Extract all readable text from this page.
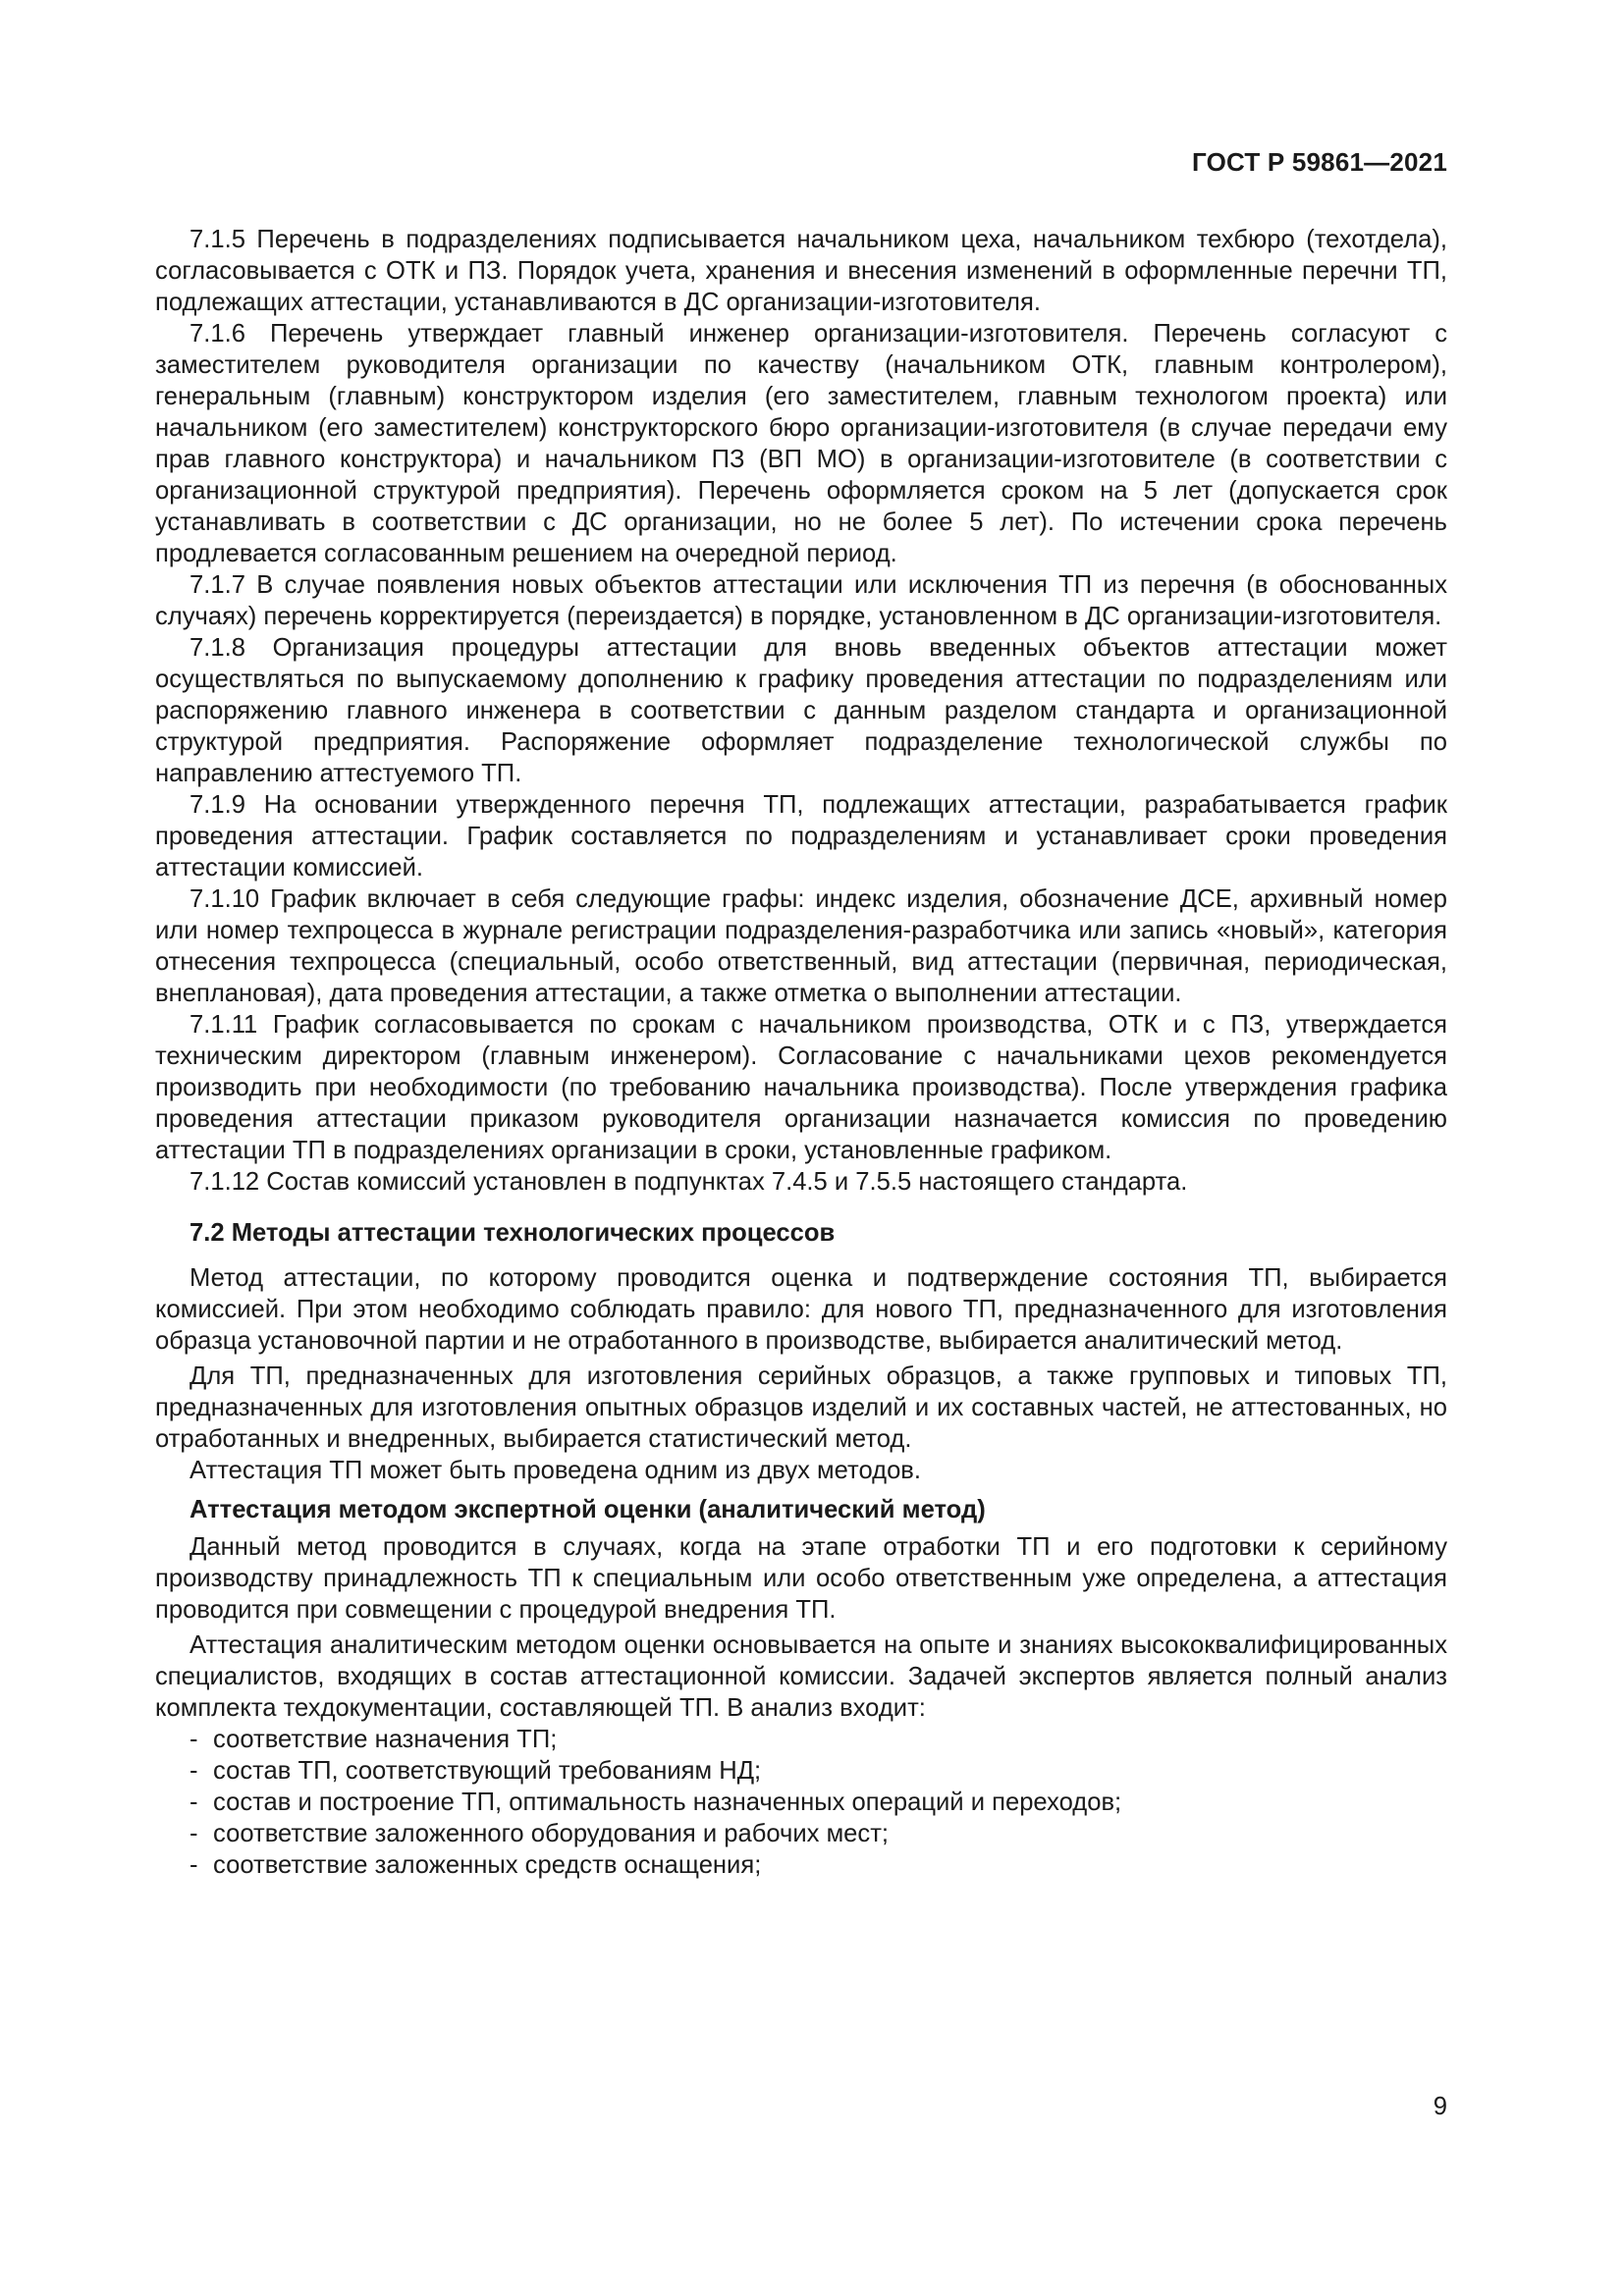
ГОСТ Р 59861—2021

7.1.5 Перечень в подразделениях подписывается начальником цеха, начальником техбюро (техотдела), согласовывается с ОТК и ПЗ. Порядок учета, хранения и внесения изменений в оформленные перечни ТП, подлежащих аттестации, устанавливаются в ДС организации-изготовителя.

7.1.6 Перечень утверждает главный инженер организации-изготовителя. Перечень согласуют с заместителем руководителя организации по качеству (начальником ОТК, главным контролером), генеральным (главным) конструктором изделия (его заместителем, главным технологом проекта) или начальником (его заместителем) конструкторского бюро организации-изготовителя (в случае передачи ему прав главного конструктора) и начальником ПЗ (ВП МО) в организации-изготовителе (в соответствии с организационной структурой предприятия). Перечень оформляется сроком на 5 лет (допускается срок устанавливать в соответствии с ДС организации, но не более 5 лет). По истечении срока перечень продлевается согласованным решением на очередной период.

7.1.7 В случае появления новых объектов аттестации или исключения ТП из перечня (в обоснованных случаях) перечень корректируется (переиздается) в порядке, установленном в ДС организации-изготовителя.

7.1.8 Организация процедуры аттестации для вновь введенных объектов аттестации может осуществляться по выпускаемому дополнению к графику проведения аттестации по подразделениям или распоряжению главного инженера в соответствии с данным разделом стандарта и организационной структурой предприятия. Распоряжение оформляет подразделение технологической службы по направлению аттестуемого ТП.

7.1.9 На основании утвержденного перечня ТП, подлежащих аттестации, разрабатывается график проведения аттестации. График составляется по подразделениям и устанавливает сроки проведения аттестации комиссией.

7.1.10 График включает в себя следующие графы: индекс изделия, обозначение ДСЕ, архивный номер или номер техпроцесса в журнале регистрации подразделения-разработчика или запись «новый», категория отнесения техпроцесса (специальный, особо ответственный, вид аттестации (первичная, периодическая, внеплановая), дата проведения аттестации, а также отметка о выполнении аттестации.

7.1.11 График согласовывается по срокам с начальником производства, ОТК и с ПЗ, утверждается техническим директором (главным инженером). Согласование с начальниками цехов рекомендуется производить при необходимости (по требованию начальника производства). После утверждения графика проведения аттестации приказом руководителя организации назначается комиссия по проведению аттестации ТП в подразделениях организации в сроки, установленные графиком.

7.1.12 Состав комиссий установлен в подпунктах 7.4.5 и 7.5.5 настоящего стандарта.

7.2 Методы аттестации технологических процессов

Метод аттестации, по которому проводится оценка и подтверждение состояния ТП, выбирается комиссией. При этом необходимо соблюдать правило: для нового ТП, предназначенного для изготовления образца установочной партии и не отработанного в производстве, выбирается аналитический метод.

Для ТП, предназначенных для изготовления серийных образцов, а также групповых и типовых ТП, предназначенных для изготовления опытных образцов изделий и их составных частей, не аттестованных, но отработанных и внедренных, выбирается статистический метод.

Аттестация ТП может быть проведена одним из двух методов.

Аттестация методом экспертной оценки (аналитический метод)

Данный метод проводится в случаях, когда на этапе отработки ТП и его подготовки к серийному производству принадлежность ТП к специальным или особо ответственным уже определена, а аттестация проводится при совмещении с процедурой внедрения ТП.

Аттестация аналитическим методом оценки основывается на опыте и знаниях высококвалифицированных специалистов, входящих в состав аттестационной комиссии. Задачей экспертов является полный анализ комплекта техдокументации, составляющей ТП. В анализ входит:

- соответствие назначения ТП;
- состав ТП, соответствующий требованиям НД;
- состав и построение ТП, оптимальность назначенных операций и переходов;
- соответствие заложенного оборудования и рабочих мест;
- соответствие заложенных средств оснащения;
9
